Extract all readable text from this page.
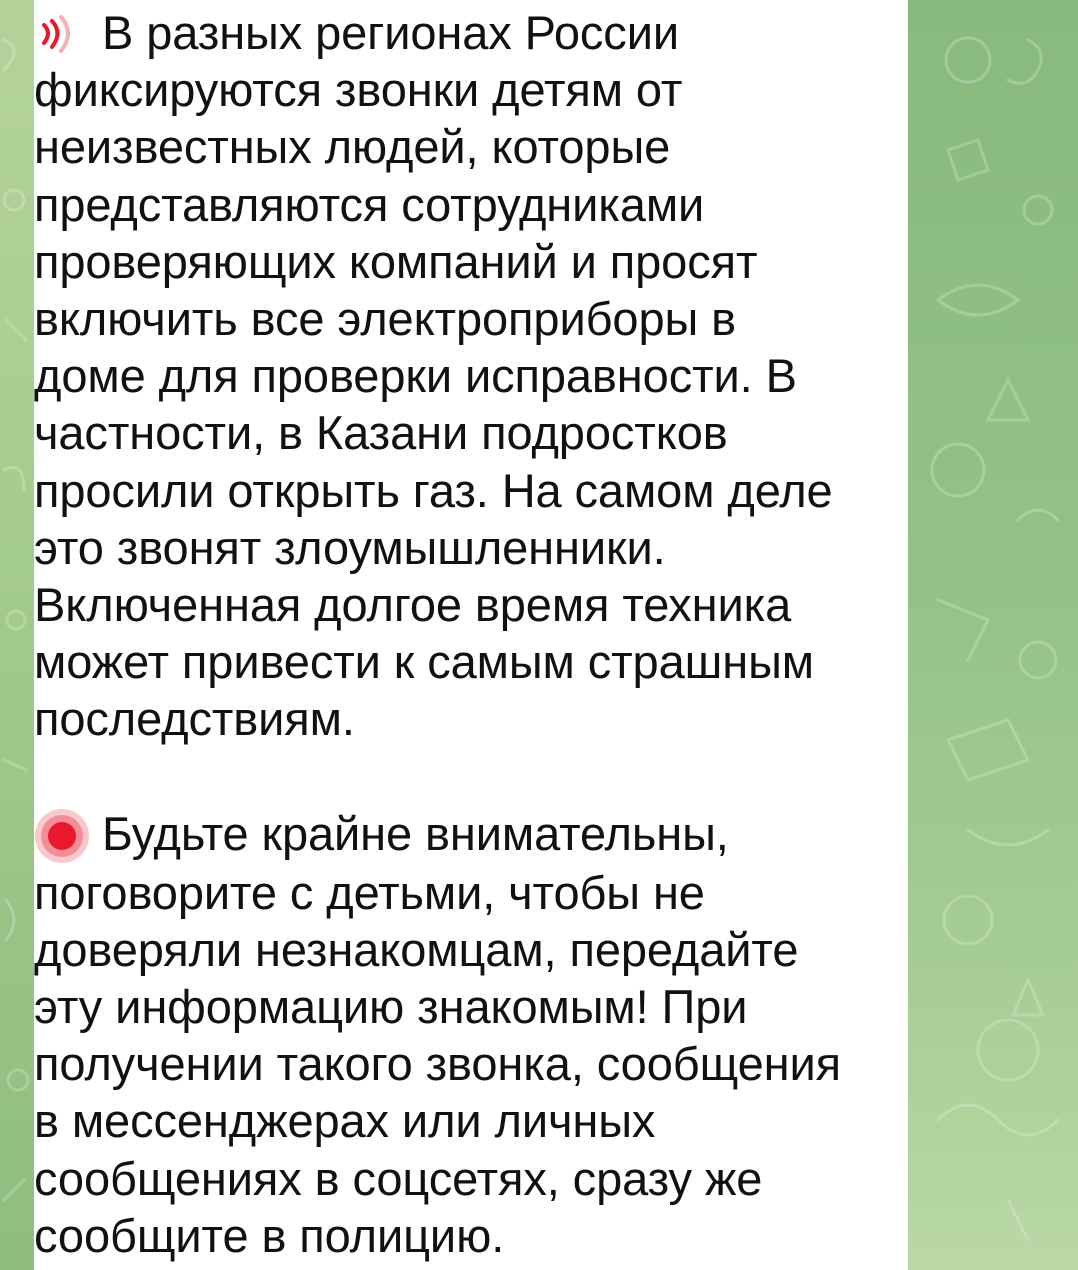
В разных регионах России фиксируются звонки детям от неизвестных людей, которые представляются сотрудниками проверяющих компаний и просят включить все электроприборы в доме для проверки исправности. В частности, в Казани подростков просили открыть газ. На самом деле это звонят злоумышленники. Включенная долгое время техника может привести к самым страшным последствиям.

Будьте крайне внимательны, поговорите с детьми, чтобы не доверяли незнакомцам, передайте эту информацию знакомым! При получении такого звонка, сообщения в мессенджерах или личных сообщениях в соцсетях, сразу же сообщите в полицию.
